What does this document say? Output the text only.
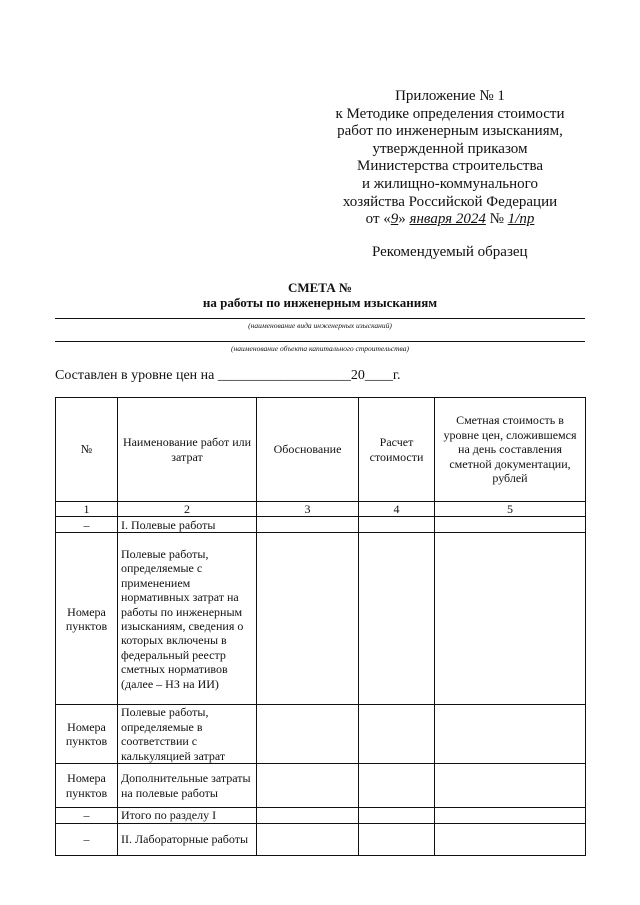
Приложение № 1
к Методике определения стоимости
работ по инженерным изысканиям,
утвержденной приказом
Министерства строительства
и жилищно-коммунального
хозяйства Российской Федерации
от «9» января 2024 № 1/пр
Рекомендуемый образец
СМЕТА №
на работы по инженерным изысканиям
(наименование вида инженерных изысканий)
(наименование объекта капитального строительства)
Составлен в уровне цен на ___________________20____г.
№	Наименование работ или затрат	Обоснование	Расчет стоимости	Сметная стоимость в уровне цен, сложившемся на день составления сметной документации, рублей
1	2	3	4	5
–	I. Полевые работы			
Номера пунктов	Полевые работы, определяемые с применением нормативных затрат на работы по инженерным изысканиям, сведения о которых включены в федеральный реестр сметных нормативов (далее – НЗ на ИИ)			
Номера пунктов	Полевые работы, определяемые в соответствии с калькуляцией затрат			
Номера пунктов	Дополнительные затраты на полевые работы			
–	Итого по разделу I			
–	II. Лабораторные работы			
